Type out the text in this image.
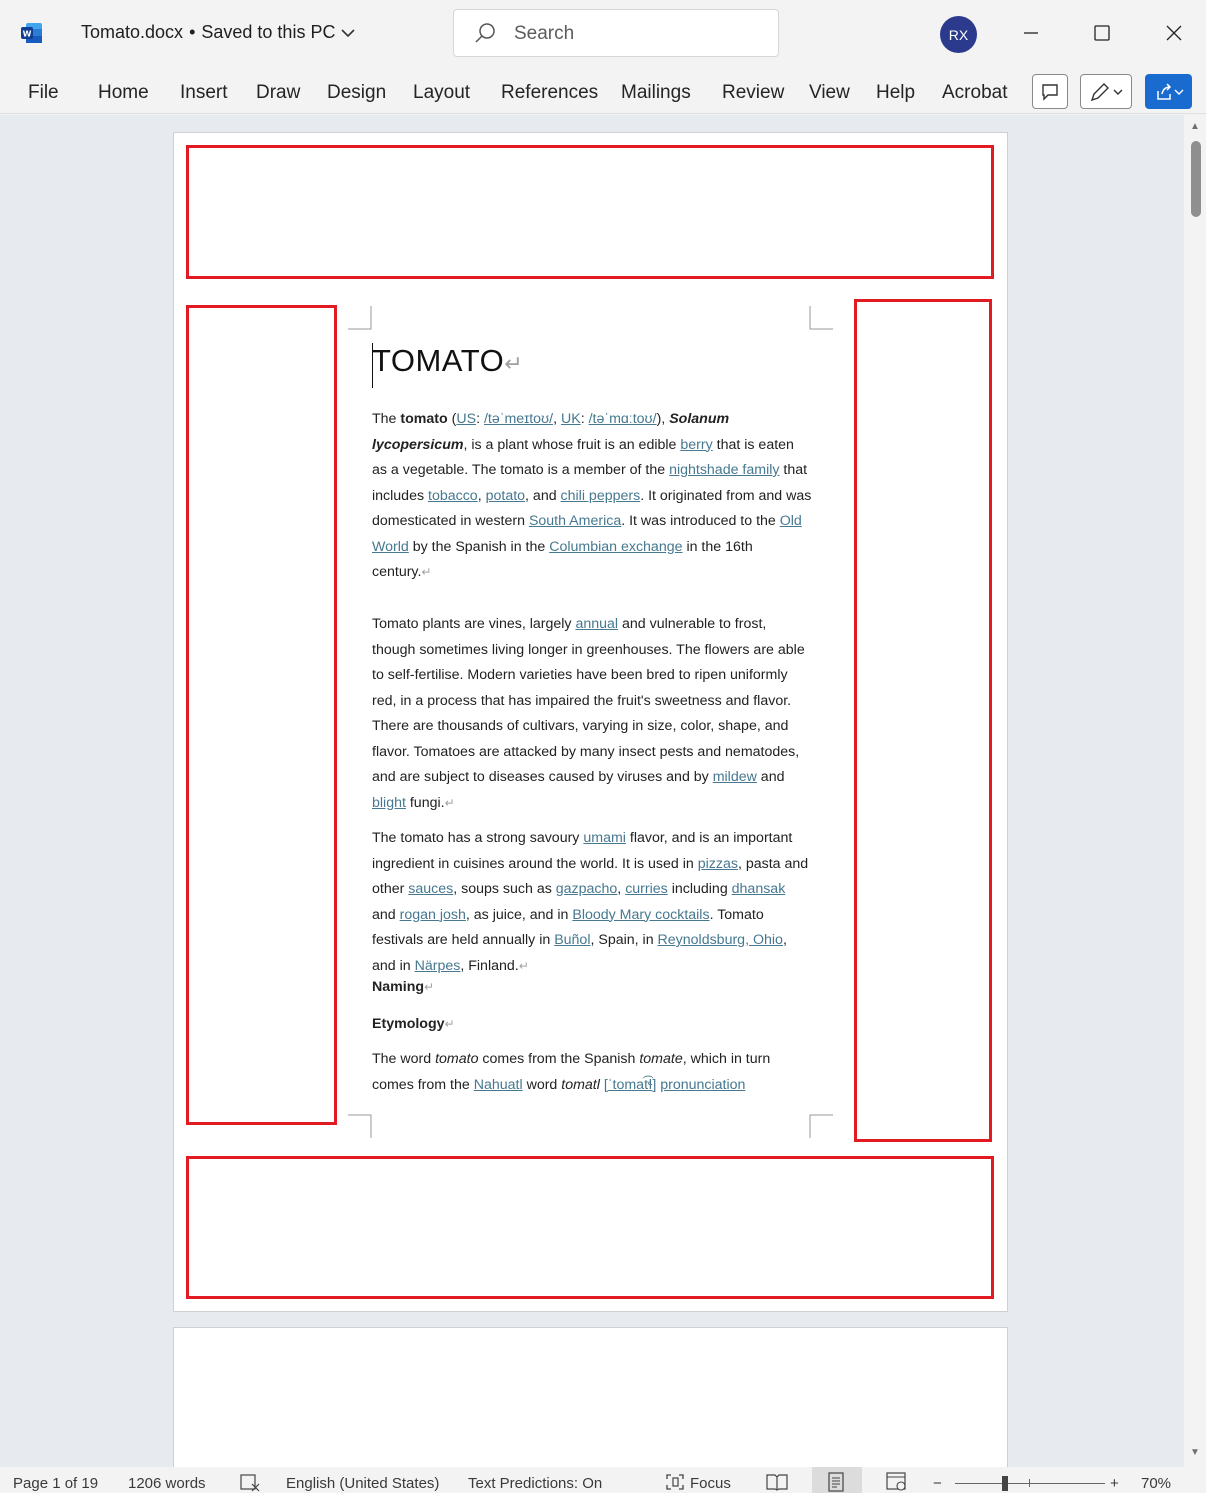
W	Tomato.docx • Saved to this PC	Search	RX
File Home Insert Draw Design Layout References Mailings Review View Help Acrobat
TOMATO↵
The tomato (US: /təˈmeɪtoʊ/, UK: /təˈmɑːtoʊ/), Solanum lycopersicum, is a plant whose fruit is an edible berry that is eaten as a vegetable. The tomato is a member of the nightshade family that includes tobacco, potato, and chili peppers. It originated from and was domesticated in western South America. It was introduced to the Old World by the Spanish in the Columbian exchange in the 16th century.↵
Tomato plants are vines, largely annual and vulnerable to frost, though sometimes living longer in greenhouses. The flowers are able to self-fertilise. Modern varieties have been bred to ripen uniformly red, in a process that has impaired the fruit's sweetness and flavor. There are thousands of cultivars, varying in size, color, shape, and flavor. Tomatoes are attacked by many insect pests and nematodes, and are subject to diseases caused by viruses and by mildew and blight fungi.↵
The tomato has a strong savoury umami flavor, and is an important ingredient in cuisines around the world. It is used in pizzas, pasta and other sauces, soups such as gazpacho, curries including dhansak and rogan josh, as juice, and in Bloody Mary cocktails. Tomato festivals are held annually in Buñol, Spain, in Reynoldsburg, Ohio, and in Närpes, Finland.↵
Naming↵
Etymology↵
The word tomato comes from the Spanish tomate, which in turn comes from the Nahuatl word tomatl [ˈtomat͡ɬ] pronunciation
▲
▼
Page 1 of 19 1206 words	English (United States) Text Predictions: On	Focus	−	+ 70%
